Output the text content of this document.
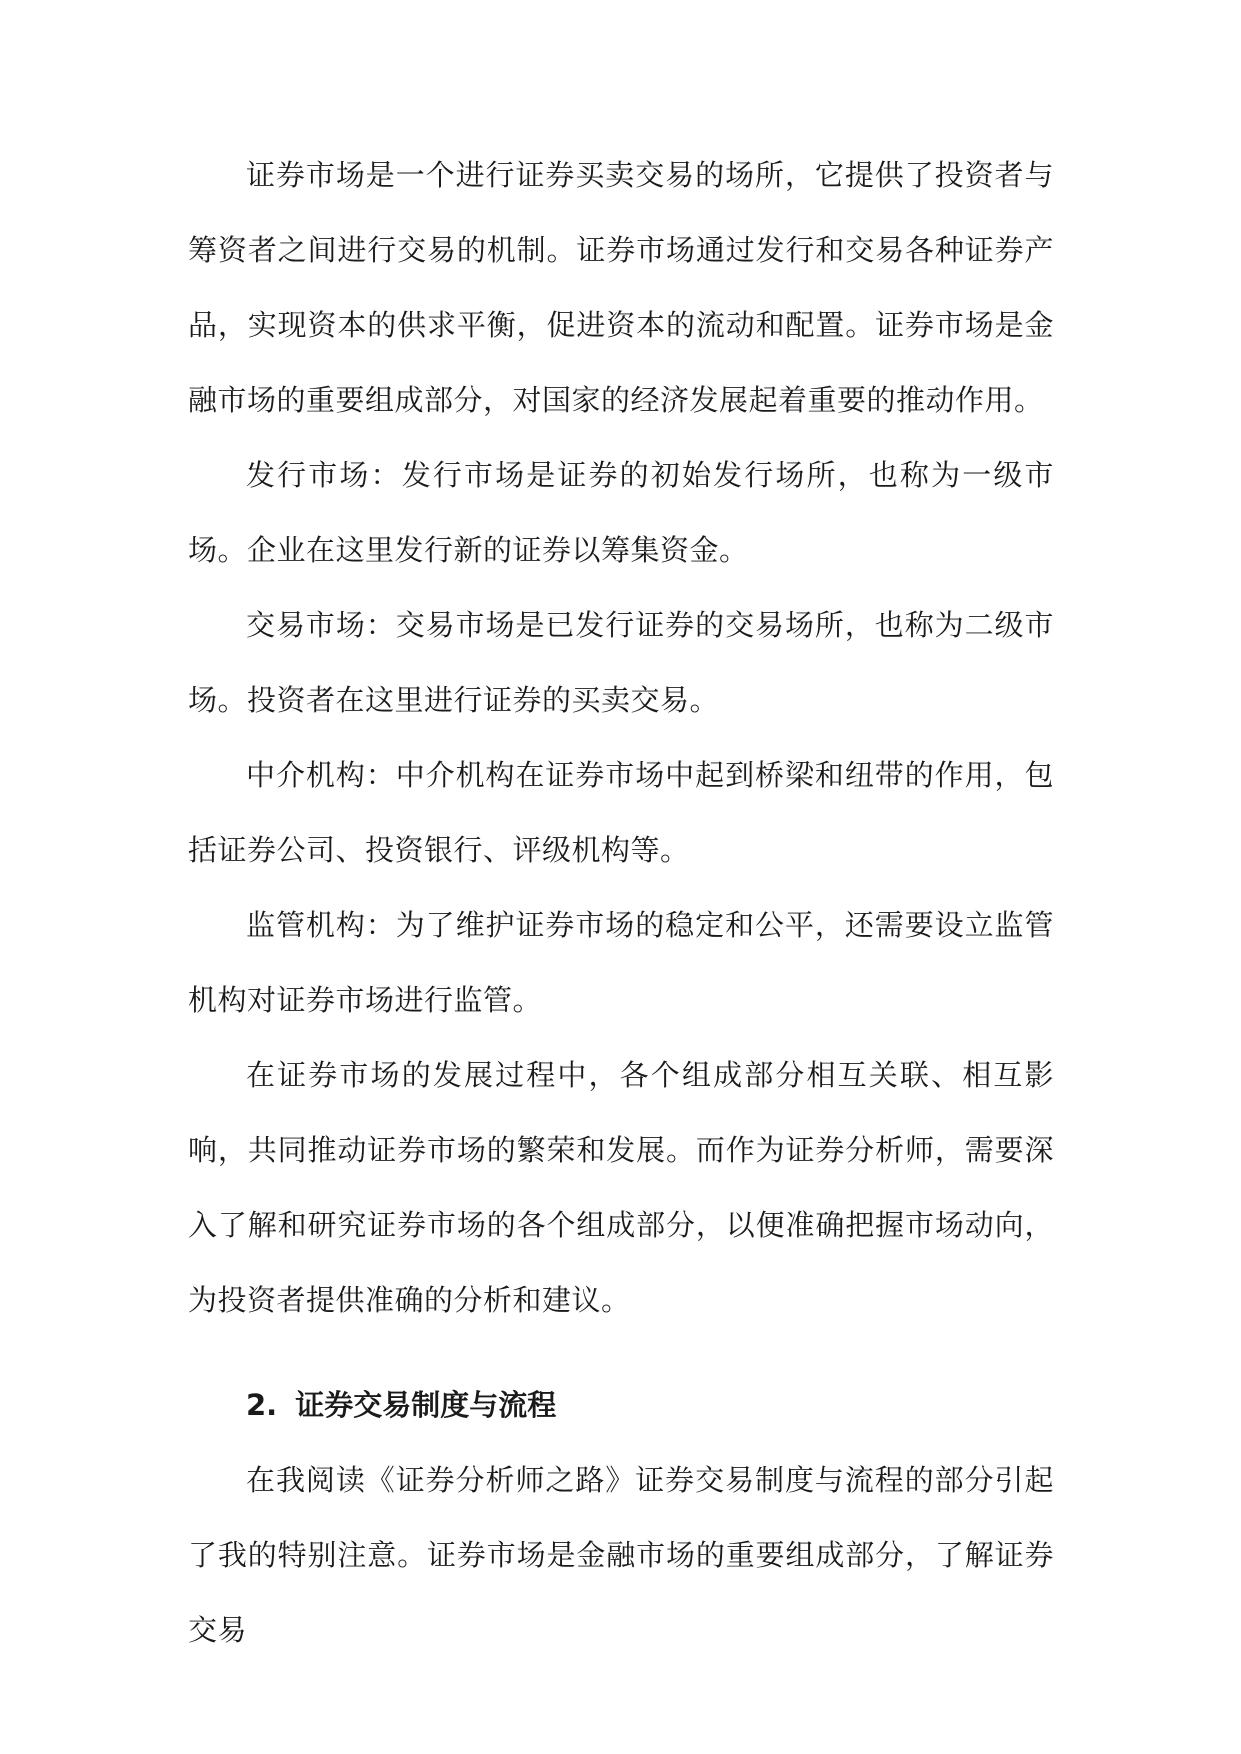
证券市场是一个进行证券买卖交易的场所，它提供了投资者与筹资者之间进行交易的机制。证券市场通过发行和交易各种证券产品，实现资本的供求平衡，促进资本的流动和配置。证券市场是金融市场的重要组成部分，对国家的经济发展起着重要的推动作用。

发行市场：发行市场是证券的初始发行场所，也称为一级市场。企业在这里发行新的证券以筹集资金。

交易市场：交易市场是已发行证券的交易场所，也称为二级市场。投资者在这里进行证券的买卖交易。

中介机构：中介机构在证券市场中起到桥梁和纽带的作用，包括证券公司、投资银行、评级机构等。

监管机构：为了维护证券市场的稳定和公平，还需要设立监管机构对证券市场进行监管。

在证券市场的发展过程中，各个组成部分相互关联、相互影响，共同推动证券市场的繁荣和发展。而作为证券分析师，需要深入了解和研究证券市场的各个组成部分，以便准确把握市场动向，为投资者提供准确的分析和建议。

2. 证券交易制度与流程

在我阅读《证券分析师之路》证券交易制度与流程的部分引起了我的特别注意。证券市场是金融市场的重要组成部分，了解证券交易
